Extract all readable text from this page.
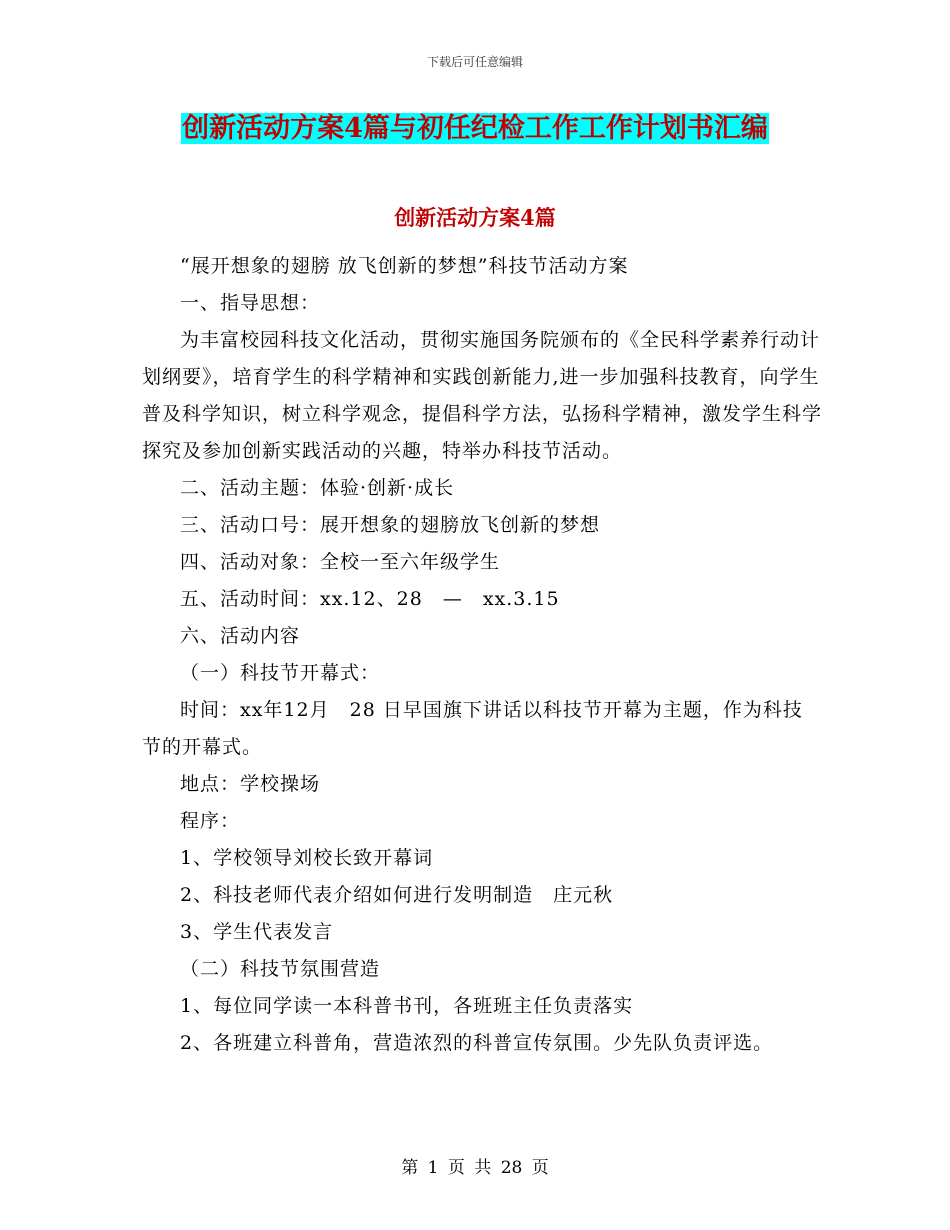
下载后可任意编辑
创新活动方案4篇与初任纪检工作工作计划书汇编
创新活动方案4篇

“展开想象的翅膀 放飞创新的梦想”科技节活动方案

一、指导思想：

为丰富校园科技文化活动，贯彻实施国务院颁布的《全民科学素养行动计划纲要》，培育学生的科学精神和实践创新能力,进一步加强科技教育，向学生普及科学知识，树立科学观念，提倡科学方法，弘扬科学精神，激发学生科学探究及参加创新实践活动的兴趣，特举办科技节活动。

二、活动主题：体验·创新·成长

三、活动口号：展开想象的翅膀放飞创新的梦想

四、活动对象：全校一至六年级学生

五、活动时间：xx.12、28　—　xx.3.15

六、活动内容

（一）科技节开幕式：

时间：xx年12月　28 日早国旗下讲话以科技节开幕为主题，作为科技节的开幕式。

地点：学校操场

程序：

1、学校领导刘校长致开幕词

2、科技老师代表介绍如何进行发明制造　庄元秋

3、学生代表发言

（二）科技节氛围营造

1、每位同学读一本科普书刊，各班班主任负责落实

2、各班建立科普角，营造浓烈的科普宣传氛围。少先队负责评选。

第 1 页 共 28 页
